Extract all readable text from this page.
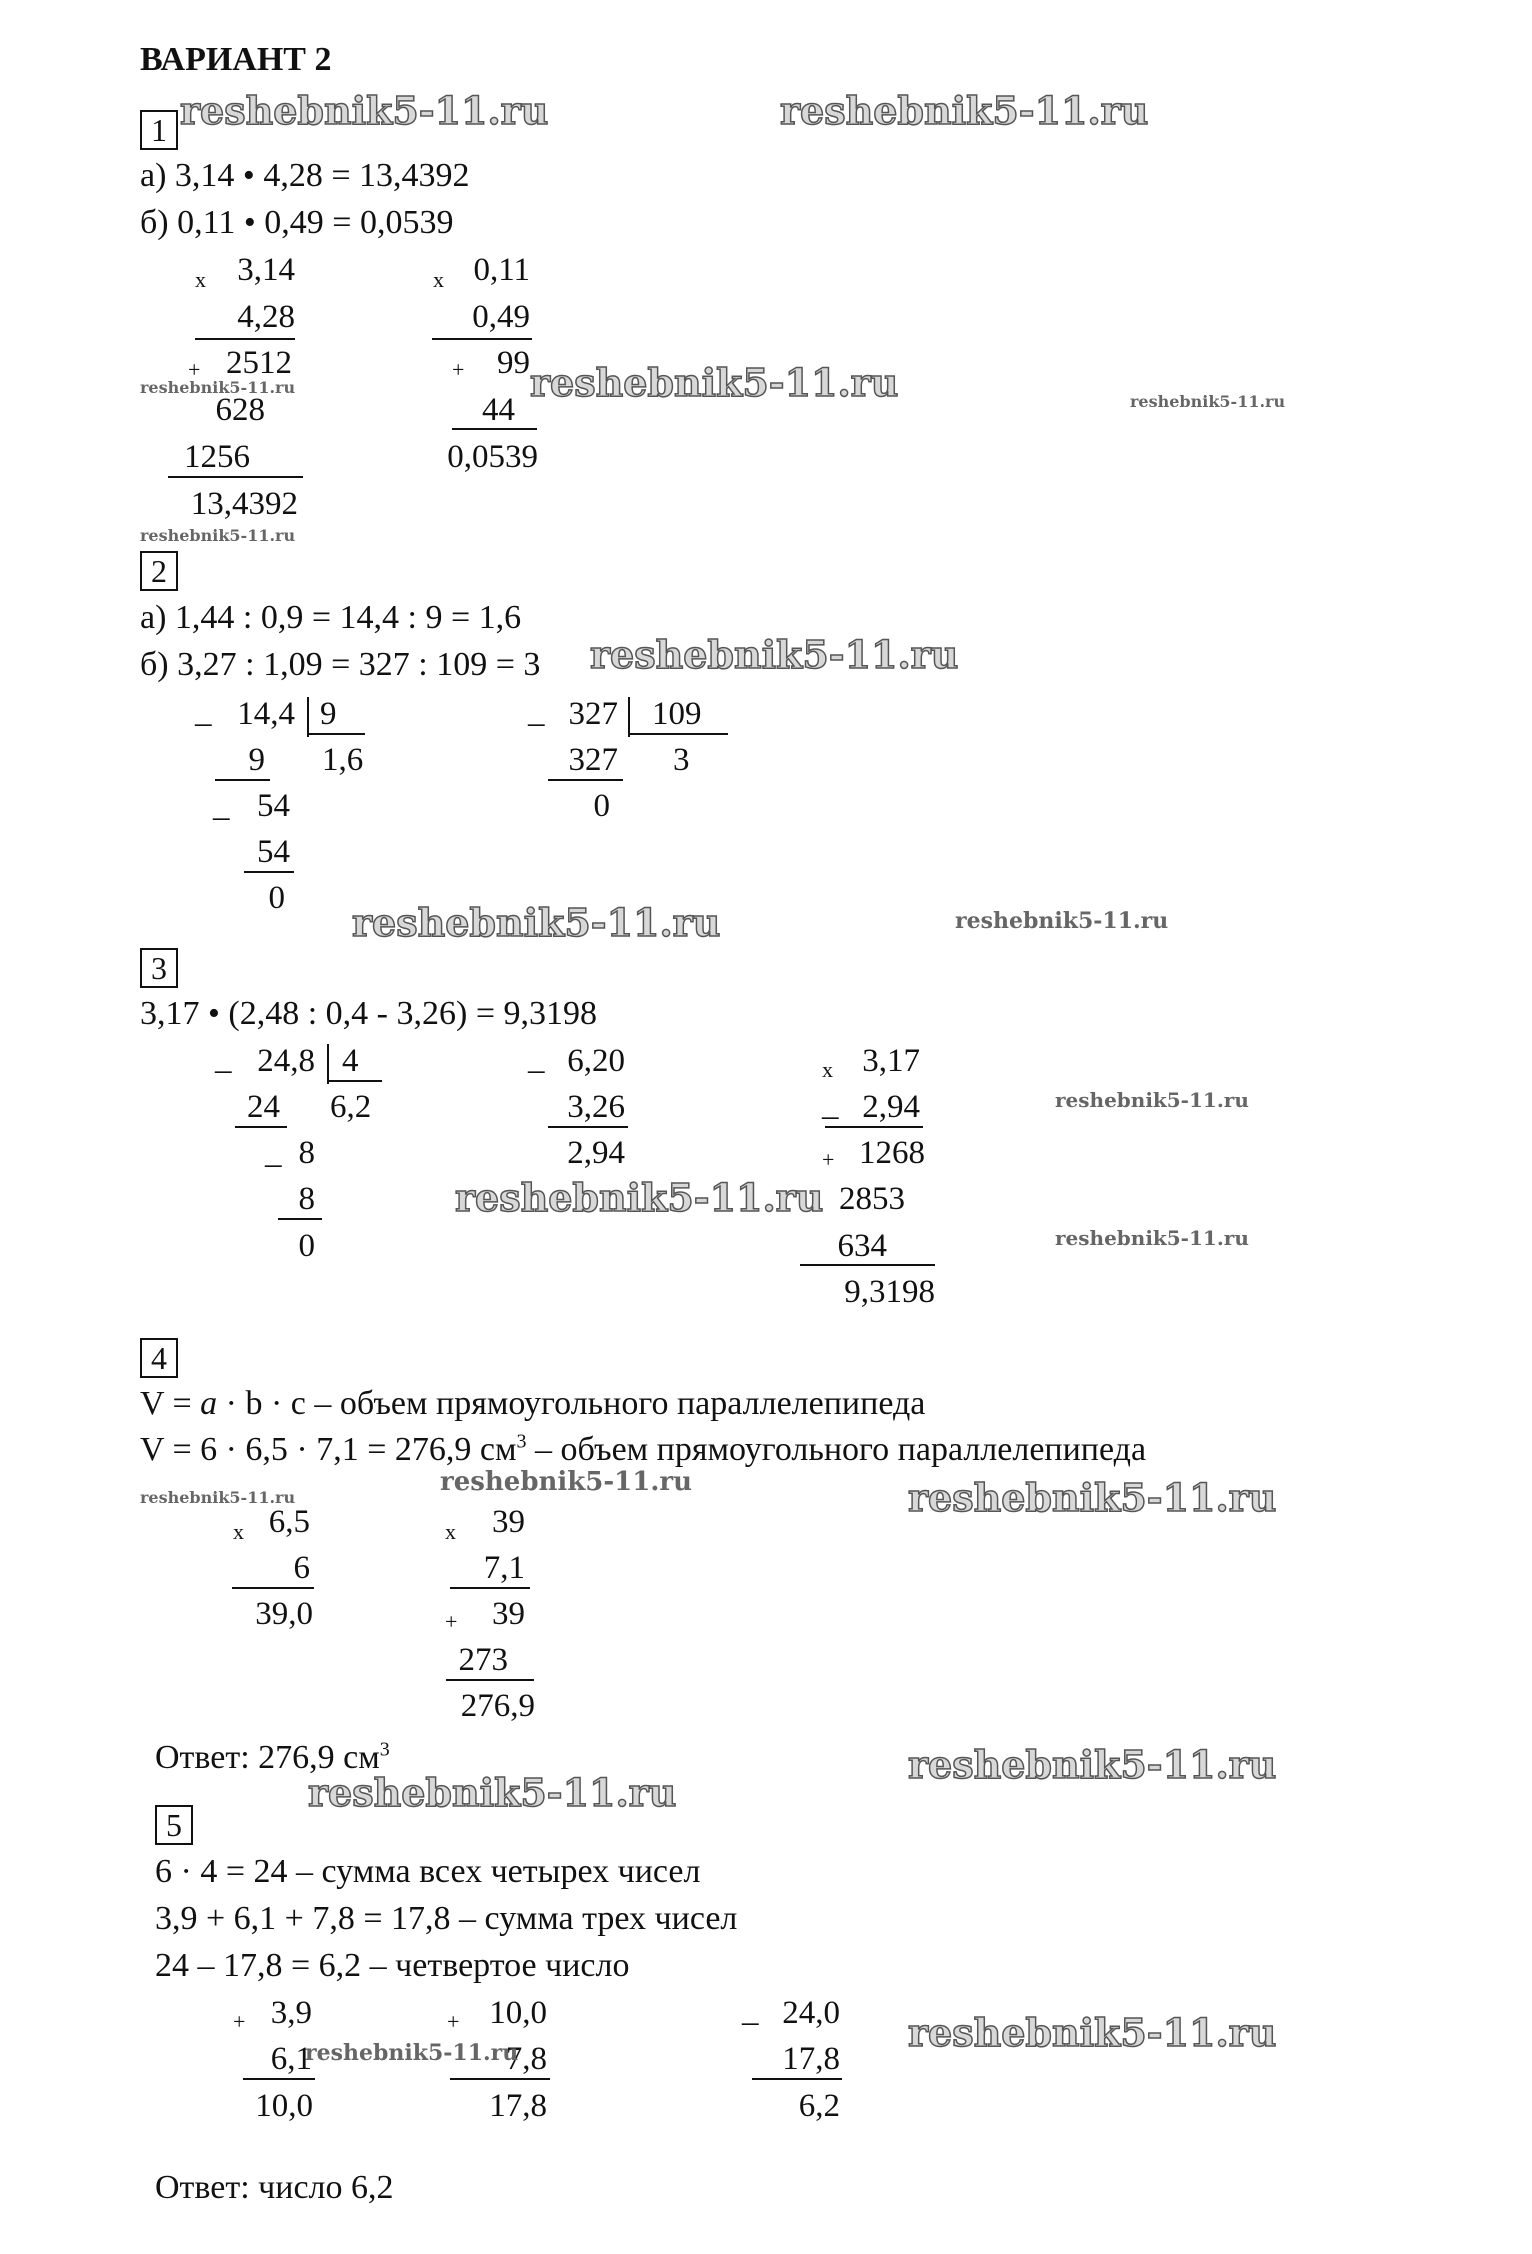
ВАРИАНТ 2
1
а) 3,14 • 4,28 = 13,4392
б) 0,11 • 0,49 = 0,0539
x 3,14
4,28
+ 2512
628
1256
13,4392
x 0,11
0,49
+ 99
44
0,0539
2
а) 1,44 : 0,9 = 14,4 : 9 = 1,6
б) 3,27 : 1,09 = 327 : 109 = 3
_ 14,4 9
9 1,6
_ 54
54
0
_ 327 109
327 3
0
3
3,17 • (2,48 : 0,4 - 3,26) = 9,3198
_ 24,8 4
24 6,2
_ 8
8
0
_ 6,20
3,26
2,94
x 3,17
_ 2,94
+ 1268
2853
634
9,3198
4
V = a · b · c – объем прямоугольного параллелепипеда
V = 6 · 6,5 · 7,1 = 276,9 $см^3$ – объем прямоугольного параллелепипеда
x 6,5
6
39,0
x	39
7,1
+	39
273
276,9
Ответ: 276,9 $см^3$
5
6 · 4 = 24 – сумма всех четырех чисел
3,9 + 6,1 + 7,8 = 17,8 – сумма трех чисел
24 – 17,8 = 6,2 – четвертое число
+ 3,9
6,1
10,0
+ 10,0
7,8
17,8
_ 24,0
17,8
6,2
Ответ: число 6,2
reshebnik5-11.ru	reshebnik5-11.ru
reshebnik5-11.ru
reshebnik5-11.ru
reshebnik5-11.ru
reshebnik5-11.ru
reshebnik5-11.ru
reshebnik5-11.ru	reshebnik5-11.ru
reshebnik5-11.ru
reshebnik5-11.ru
reshebnik5-11.ru
reshebnik5-11.ru
reshebnik5-11.ru	reshebnik5-11.ru
reshebnik5-11.ru
reshebnik5-11.ru
reshebnik5-11.ru	reshebnik5-11.ru
